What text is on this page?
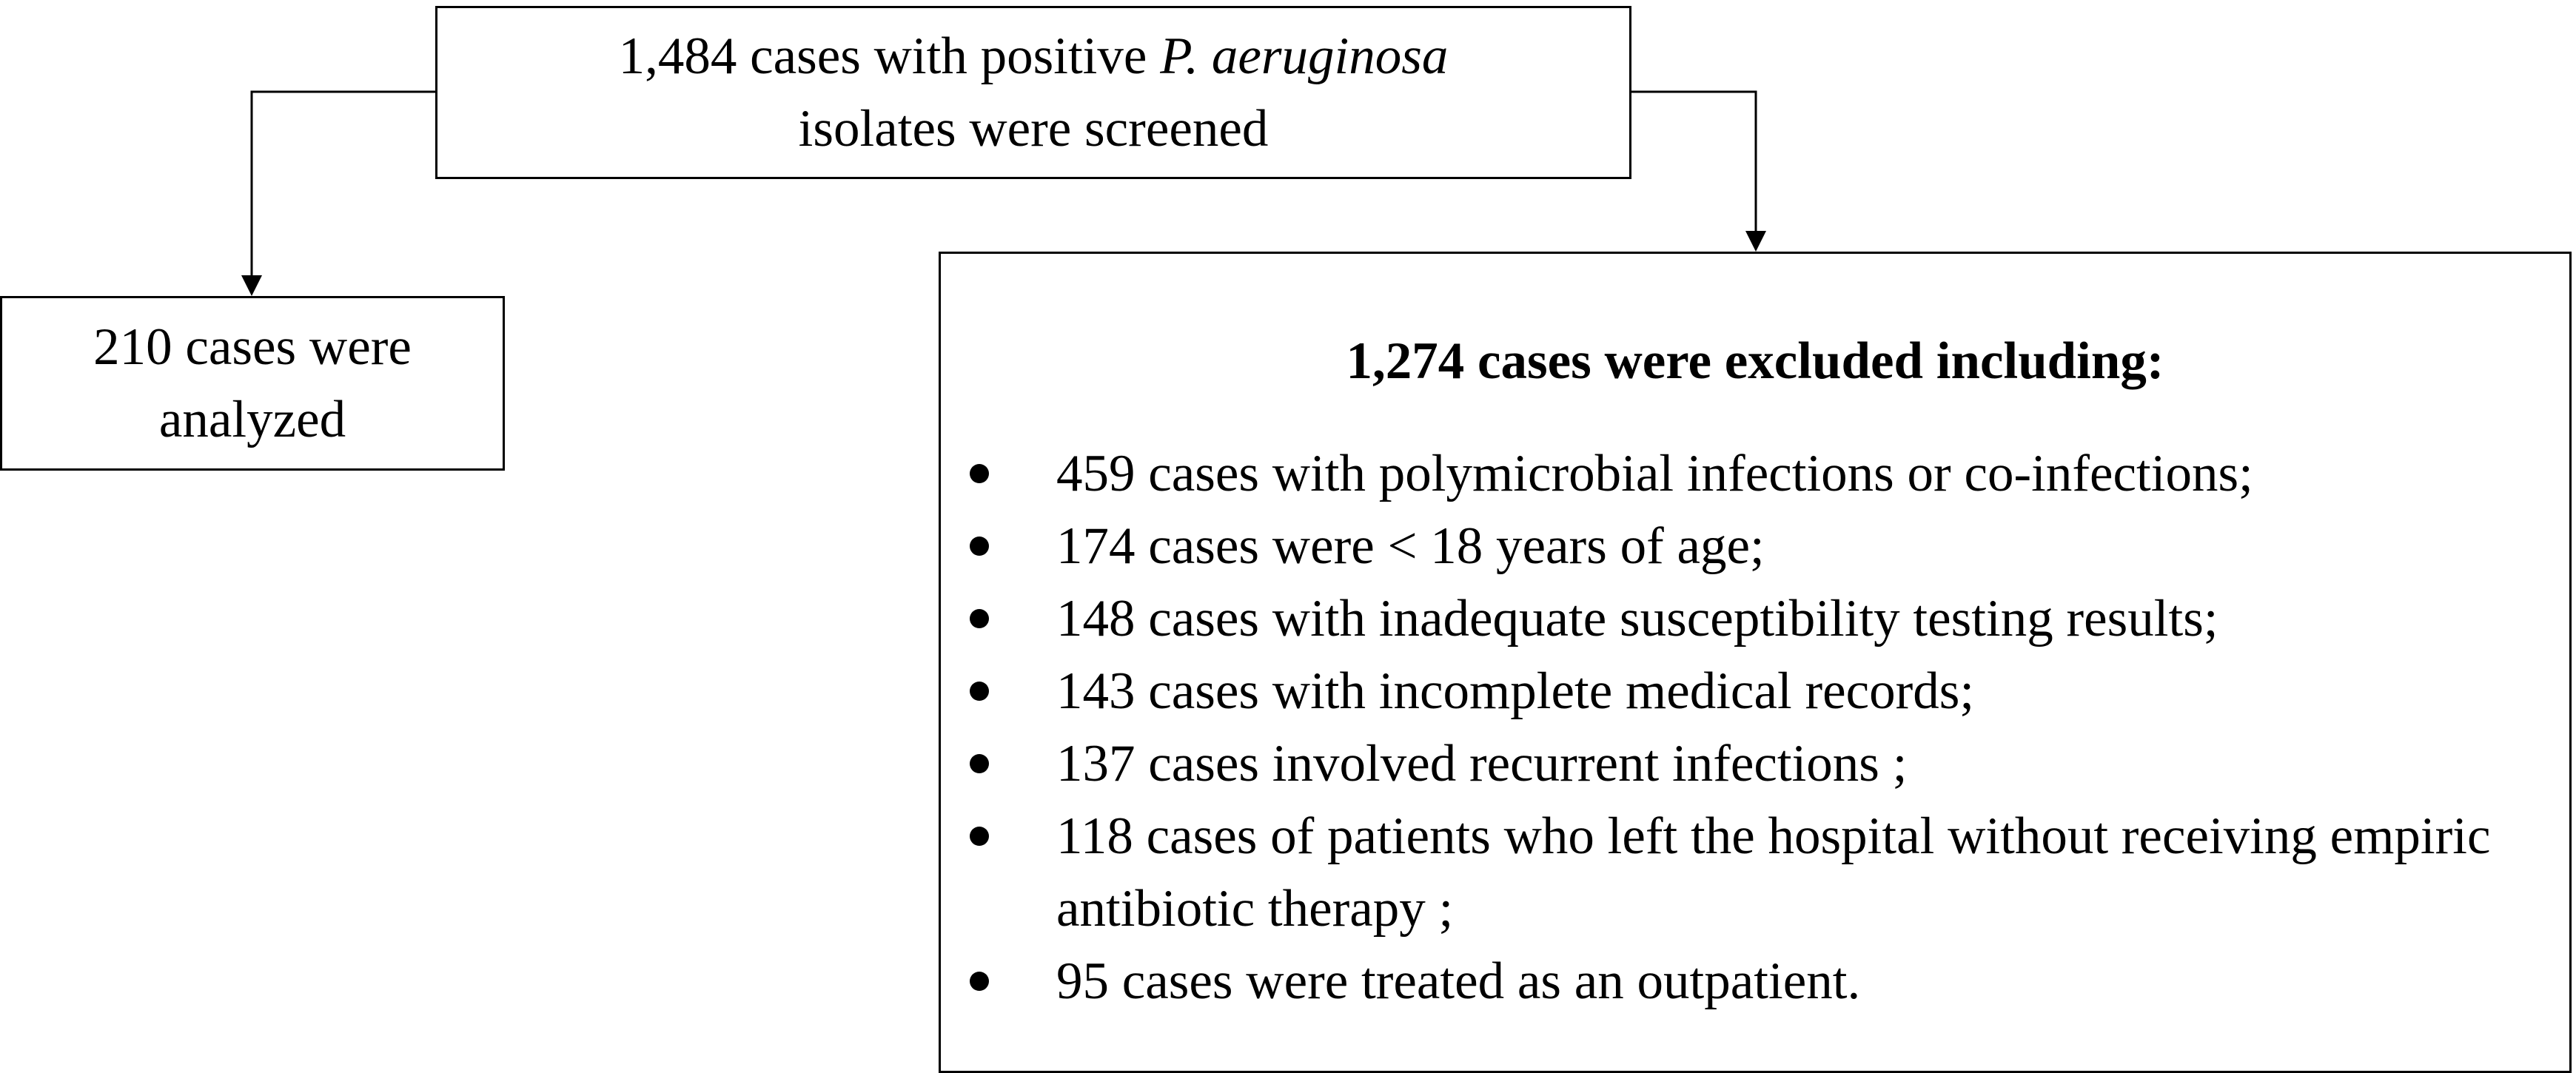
1,484 cases with positive P. aeruginosa
isolates were screened
210 cases were
analyzed
1,274 cases were excluded including:
459 cases with polymicrobial infections or co-infections;
174 cases were < 18 years of age;
148 cases with inadequate susceptibility testing results;
143 cases with incomplete medical records;
137 cases involved recurrent infections ;
118 cases of patients who left the hospital without receiving empiric antibiotic therapy ;
95 cases were treated as an outpatient.
